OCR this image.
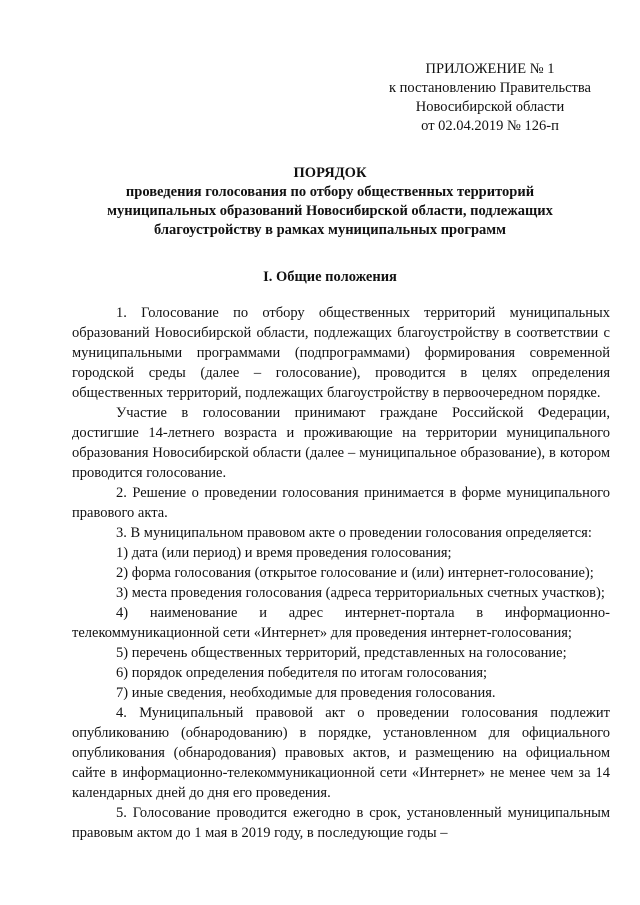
ПРИЛОЖЕНИЕ № 1
к постановлению Правительства
Новосибирской области
от 02.04.2019 № 126-п
ПОРЯДОК
проведения голосования по отбору общественных территорий
муниципальных образований Новосибирской области, подлежащих
благоустройству в рамках муниципальных программ
I. Общие положения

1. Голосование по отбору общественных территорий муниципальных образований Новосибирской области, подлежащих благоустройству в соответствии с муниципальными программами (подпрограммами) формирования современной городской среды (далее – голосование), проводится в целях определения общественных территорий, подлежащих благоустройству в первоочередном порядке.

Участие в голосовании принимают граждане Российской Федерации, достигшие 14-летнего возраста и проживающие на территории муниципального образования Новосибирской области (далее – муниципальное образование), в котором проводится голосование.

2. Решение о проведении голосования принимается в форме муниципального правового акта.

3. В муниципальном правовом акте о проведении голосования определяется:

1) дата (или период) и время проведения голосования;

2) форма голосования (открытое голосование и (или) интернет-голосование);

3) места проведения голосования (адреса территориальных счетных участков);

4) наименование и адрес интернет-портала в информационно-телекоммуникационной сети «Интернет» для проведения интернет-голосования;

5) перечень общественных территорий, представленных на голосование;

6) порядок определения победителя по итогам голосования;

7) иные сведения, необходимые для проведения голосования.

4. Муниципальный правовой акт о проведении голосования подлежит опубликованию (обнародованию) в порядке, установленном для официального опубликования (обнародования) правовых актов, и размещению на официальном сайте в информационно-телекоммуникационной сети «Интернет» не менее чем за 14 календарных дней до дня его проведения.

5. Голосование проводится ежегодно в срок, установленный муниципальным правовым актом до 1 мая в 2019 году, в последующие годы –
